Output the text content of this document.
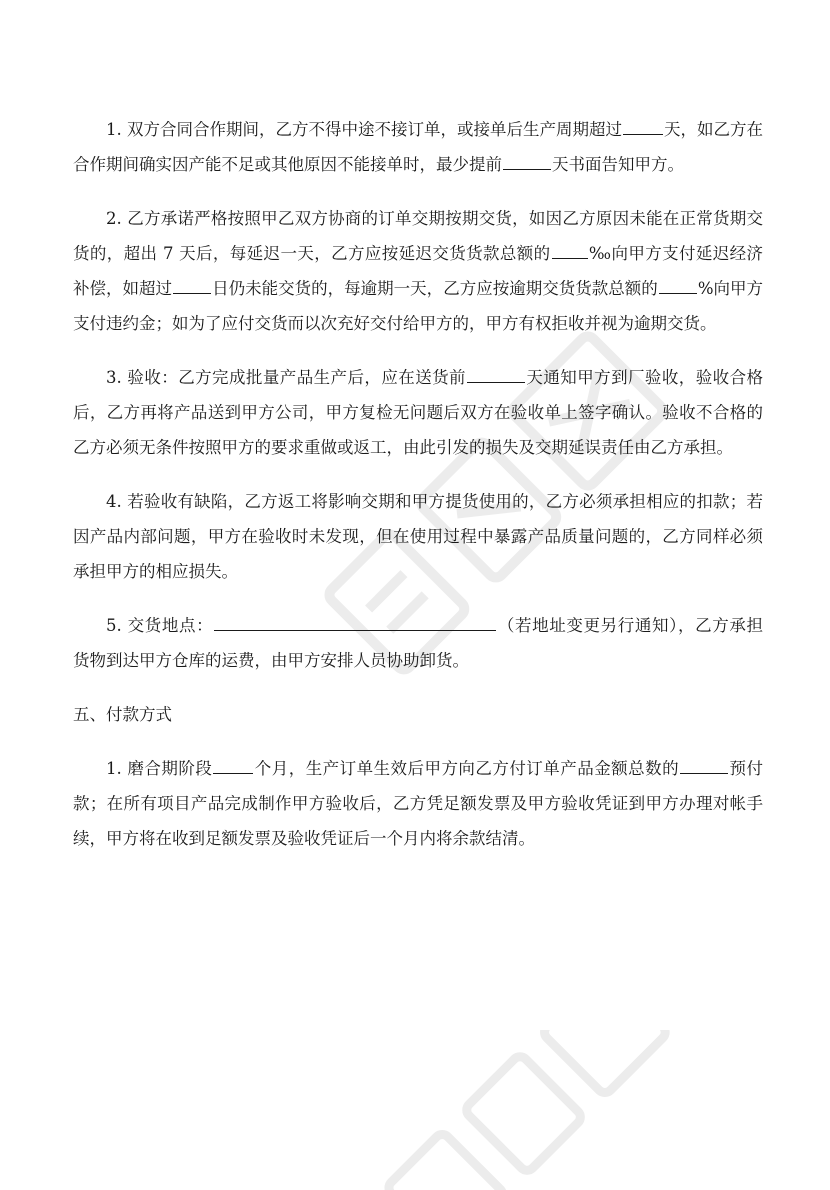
1. 双方合同合作期间，乙方不得中途不接订单，或接单后生产周期超过	天，如乙方在合作期间确实因产能不足或其他原因不能接单时，最少提前	天书面告知甲方。

2. 乙方承诺严格按照甲乙双方协商的订单交期按期交货，如因乙方原因未能在正常货期交货的，超出 7 天后，每延迟一天，乙方应按延迟交货货款总额的 ‰向甲方支付延迟经济补偿，如超过 日仍未能交货的，每逾期一天，乙方应按逾期交货货款总额的 %向甲方支付违约金；如为了应付交货而以次充好交付给甲方的，甲方有权拒收并视为逾期交货。

3. 验收：乙方完成批量产品生产后，应在送货前	天通知甲方到厂验收，验收合格后，乙方再将产品送到甲方公司，甲方复检无问题后双方在验收单上签字确认。验收不合格的乙方必须无条件按照甲方的要求重做或返工，由此引发的损失及交期延误责任由乙方承担。

4. 若验收有缺陷，乙方返工将影响交期和甲方提货使用的，乙方必须承担相应的扣款；若因产品内部问题，甲方在验收时未发现，但在使用过程中暴露产品质量问题的，乙方同样必须承担甲方的相应损失。

5. 交货地点：	（若地址变更另行通知），乙方承担货物到达甲方仓库的运费，由甲方安排人员协助卸货。

五、付款方式

1. 磨合期阶段	个月，生产订单生效后甲方向乙方付订单产品金额总数的	预付款；在所有项目产品完成制作甲方验收后，乙方凭足额发票及甲方验收凭证到甲方办理对帐手续，甲方将在收到足额发票及验收凭证后一个月内将余款结清。
